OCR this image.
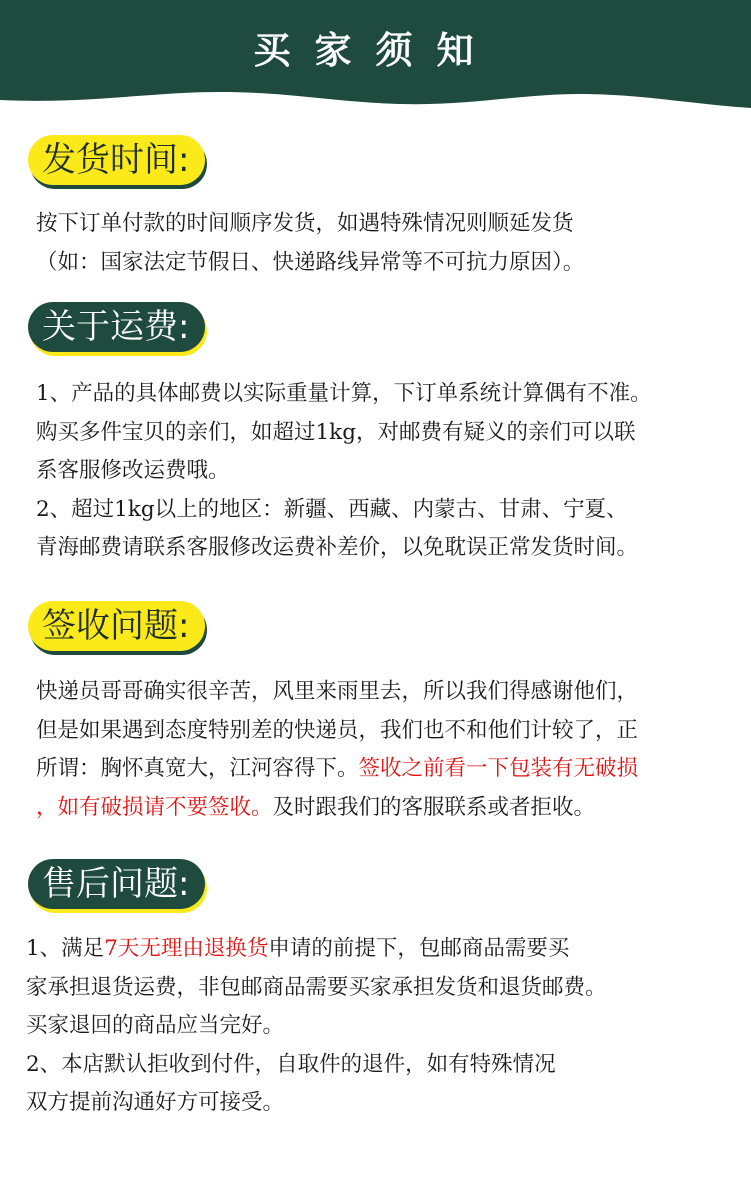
买家须知
发货时间:
按下订单付款的时间顺序发货，如遇特殊情况则顺延发货
（如：国家法定节假日、快递路线异常等不可抗力原因）。
关于运费:
1、产品的具体邮费以实际重量计算，下订单系统计算偶有不准。
购买多件宝贝的亲们，如超过1kg，对邮费有疑义的亲们可以联
系客服修改运费哦。
2、超过1kg以上的地区：新疆、西藏、内蒙古、甘肃、宁夏、
青海邮费请联系客服修改运费补差价，以免耽误正常发货时间。
签收问题:
快递员哥哥确实很辛苦，风里来雨里去，所以我们得感谢他们，
但是如果遇到态度特别差的快递员，我们也不和他们计较了，正
所谓：胸怀真宽大，江河容得下。签收之前看一下包装有无破损
，如有破损请不要签收。及时跟我们的客服联系或者拒收。
售后问题:
1、满足7天无理由退换货申请的前提下，包邮商品需要买
家承担退货运费，非包邮商品需要买家承担发货和退货邮费。
买家退回的商品应当完好。
2、本店默认拒收到付件，自取件的退件，如有特殊情况
双方提前沟通好方可接受。
